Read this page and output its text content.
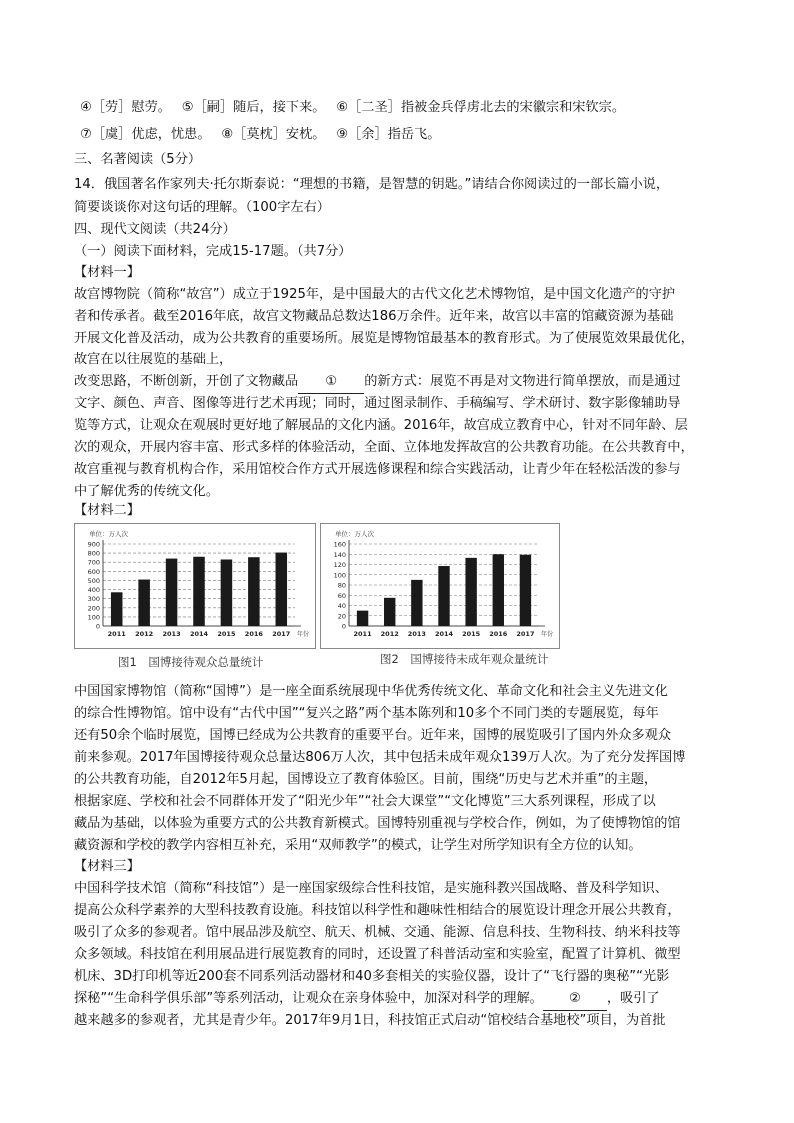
④［劳］慰劳。　 ⑤［嗣］随后，接下来。　 ⑥［二圣］指被金兵俘虏北去的宋徽宗和宋钦宗。
⑦［虞］优虑，忧患。　 ⑧［莫枕］安枕。　 ⑨［余］指岳飞。
三、名著阅读（5分）
14．俄国著名作家列夫·托尔斯泰说：“理想的书籍，是智慧的钥匙。”请结合你阅读过的一部长篇小说，
简要谈谈你对这句话的理解。（100字左右）
四、现代文阅读（共24分）
（一）阅读下面材料，完成15-17题。（共7分）
【材料一】
故宫博物院（简称“故宫”）成立于1925年，是中国最大的古代文化艺术博物馆，是中国文化遗产的守护
者和传承者。截至2016年底，故宫文物藏品总数达186万余件。近年来，故宫以丰富的馆藏资源为基础
开展文化普及活动，成为公共教育的重要场所。展览是博物馆最基本的教育形式。为了使展览效果最优化，
故宫在以往展览的基础上，
改变思路，不断创新，开创了文物藏品 ① 的新方式：展览不再是对文物进行简单摆放，而是通过
文字、颜色、声音、图像等进行艺术再现；同时，通过图录制作、手稿编写、学术研讨、数字影像辅助导
览等方式，让观众在观展时更好地了解展品的文化内涵。2016年，故宫成立教育中心，针对不同年龄、层
次的观众，开展内容丰富、形式多样的体验活动，全面、立体地发挥故宫的公共教育功能。在公共教育中，
故宫重视与教育机构合作，采用馆校合作方式开展选修课程和综合实践活动，让青少年在轻松活泼的参与
中了解优秀的传统文化。
【材料二】
单位：万人次
0
100
200
300
400
500
600
700
800
900
2011 2012 2013 2014 2015 2016 2017 年份
图1　国博接待观众总量统计
单位：万人次
0
20
40
60
80
100
120
140
160
2011 2012 2013 2014 2015 2016 2017 年份
图2　国博接待未成年观众量统计
中国国家博物馆（简称“国博”）是一座全面系统展现中华优秀传统文化、革命文化和社会主义先进文化
的综合性博物馆。馆中设有“古代中国”“复兴之路”两个基本陈列和10多个不同门类的专题展览，每年
还有50余个临时展览，国博已经成为公共教育的重要平台。近年来，国博的展览吸引了国内外众多观众
前来参观。2017年国博接待观众总量达806万人次，其中包括未成年观众139万人次。为了充分发挥国博
的公共教育功能，自2012年5月起，国博设立了教育体验区。目前，围绕“历史与艺术并重”的主题，
根据家庭、学校和社会不同群体开发了“阳光少年”“社会大课堂”“文化博览”三大系列课程，形成了以
藏品为基础，以体验为重要方式的公共教育新模式。国博特别重视与学校合作，例如，为了使博物馆的馆
藏资源和学校的教学内容相互补充，采用“双师教学”的模式，让学生对所学知识有全方位的认知。
【材料三】
中国科学技术馆（简称“科技馆”）是一座国家级综合性科技馆，是实施科教兴国战略、普及科学知识、
提高公众科学素养的大型科技教育设施。科技馆以科学性和趣味性相结合的展览设计理念开展公共教育，
吸引了众多的参观者。馆中展品涉及航空、航天、机械、交通、能源、信息科技、生物科技、纳米科技等
众多领域。科技馆在利用展品进行展览教育的同时，还设置了科普活动室和实验室，配置了计算机、微型
机床、3D打印机等近200套不同系列活动器材和40多套相关的实验仪器，设计了“飞行器的奥秘”“光影
探秘”“生命科学俱乐部”等系列活动，让观众在亲身体验中，加深对科学的理解。 ② ，吸引了
越来越多的参观者，尤其是青少年。2017年9月1日，科技馆正式启动“馆校结合基地校”项目，为首批
